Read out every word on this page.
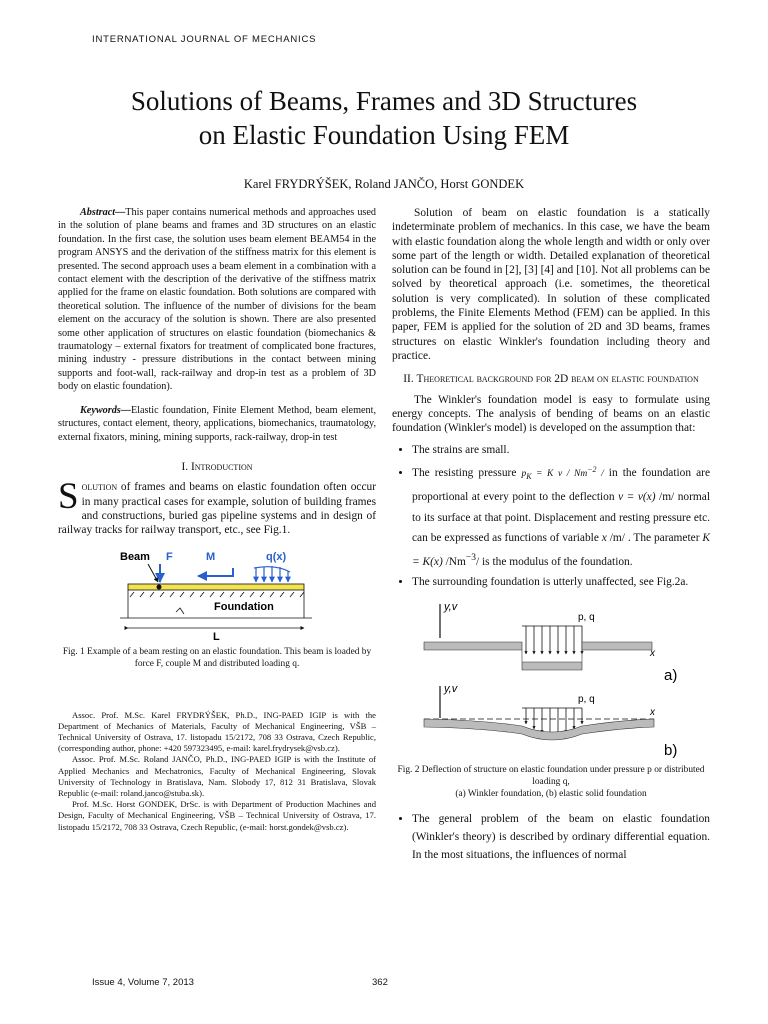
INTERNATIONAL JOURNAL OF MECHANICS
Solutions of Beams, Frames and 3D Structures
on Elastic Foundation Using FEM
Karel FRYDRÝŠEK, Roland JANČO, Horst GONDEK

Abstract—This paper contains numerical methods and approaches used in the solution of plane beams and frames and 3D structures on an elastic foundation. In the first case, the solution uses beam element BEAM54 in the program ANSYS and the derivation of the stiffness matrix for this element is presented. The second approach uses a beam element in a combination with a contact element with the description of the derivative of the stiffness matrix applied for the frame on elastic foundation. Both solutions are compared with theoretical solution. The influence of the number of divisions for the beam element on the accuracy of the solution is shown. There are also presented some other application of structures on elastic foundation (biomechanics & traumatology – external fixators for treatment of complicated bone fractures, mining industry - pressure distributions in the contact between mining supports and foot-wall, rack-railway and drop-in test as a problem of 3D body on elastic foundation).

Keywords—Elastic foundation, Finite Element Method, beam element, structures, contact element, theory, applications, biomechanics, traumatology, external fixators, mining, mining supports, rack-railway, drop-in test

I. Introduction

Solution of frames and beams on elastic foundation often occur in many practical cases for example, solution of building frames and constructions, buried gas pipeline systems and in design of railway tracks for railway transport, etc., see Fig.1.

Beam F	M	q(x)
Foundation
L

Fig. 1 Example of a beam resting on an elastic foundation. This beam is loaded by force F, couple M and distributed loading q.

Assoc. Prof. M.Sc. Karel FRYDRÝŠEK, Ph.D., ING-PAED IGIP is with the Department of Mechanics of Materials, Faculty of Mechanical Engineering, VŠB – Technical University of Ostrava, 17. listopadu 15/2172, 708 33 Ostrava, Czech Republic, (corresponding author, phone: +420 597323495, e-mail: karel.frydrysek@vsb.cz).

Assoc. Prof. M.Sc. Roland JANČO, Ph.D., ING-PAED IGIP is with the Institute of Applied Mechanics and Mechatronics, Faculty of Mechanical Engineering, Slovak University of Technology in Bratislava, Nam. Slobody 17, 812 31 Bratislava, Slovak Republic (e-mail: roland.janco@stuba.sk).

Prof. M.Sc. Horst GONDEK, DrSc. is with Department of Production Machines and Design, Faculty of Mechanical Engineering, VŠB – Technical University of Ostrava, 17. listopadu 15/2172, 708 33 Ostrava, Czech Republic, (e-mail: horst.gondek@vsb.cz).

Solution of beam on elastic foundation is a statically indeterminate problem of mechanics. In this case, we have the beam with elastic foundation along the whole length and width or only over some part of the length or width. Detailed explanation of theoretical solution can be found in [2], [3] [4] and [10]. Not all problems can be solved by theoretical approach (i.e. sometimes, the theoretical solution is very complicated). In solution of these complicated problems, the Finite Elements Method (FEM) can be applied. In this paper, FEM is applied for the solution of 2D and 3D beams, frames structures on elastic Winkler's foundation including theory and practice.

II. Theoretical background for 2D beam on elastic foundation

The Winkler's foundation model is easy to formulate using energy concepts. The analysis of bending of beams on an elastic foundation (Winkler's model) is developed on the assumption that:

• The strains are small.
• The resisting pressure $p_K = K$ v / $Nm^{-2}$ / in the foundation are proportional at every point to the deflection v = v(x) /m/ normal to its surface at that point. Displacement and resting pressure etc. can be expressed as functions of variable x /m/ . The parameter K = K(x) $/Nm^{-3}/$ is the modulus of the foundation.
• The surrounding foundation is utterly unaffected, see Fig.2a.
y,v
p, q
x
a)
y,v
p, q
x
b)

Fig. 2 Deflection of structure on elastic foundation under pressure p or distributed loading q,
(a) Winkler foundation, (b) elastic solid foundation

• The general problem of the beam on elastic foundation (Winkler's theory) is described by ordinary differential equation. In the most situations, the influences of normal
Issue 4, Volume 7, 2013	362
